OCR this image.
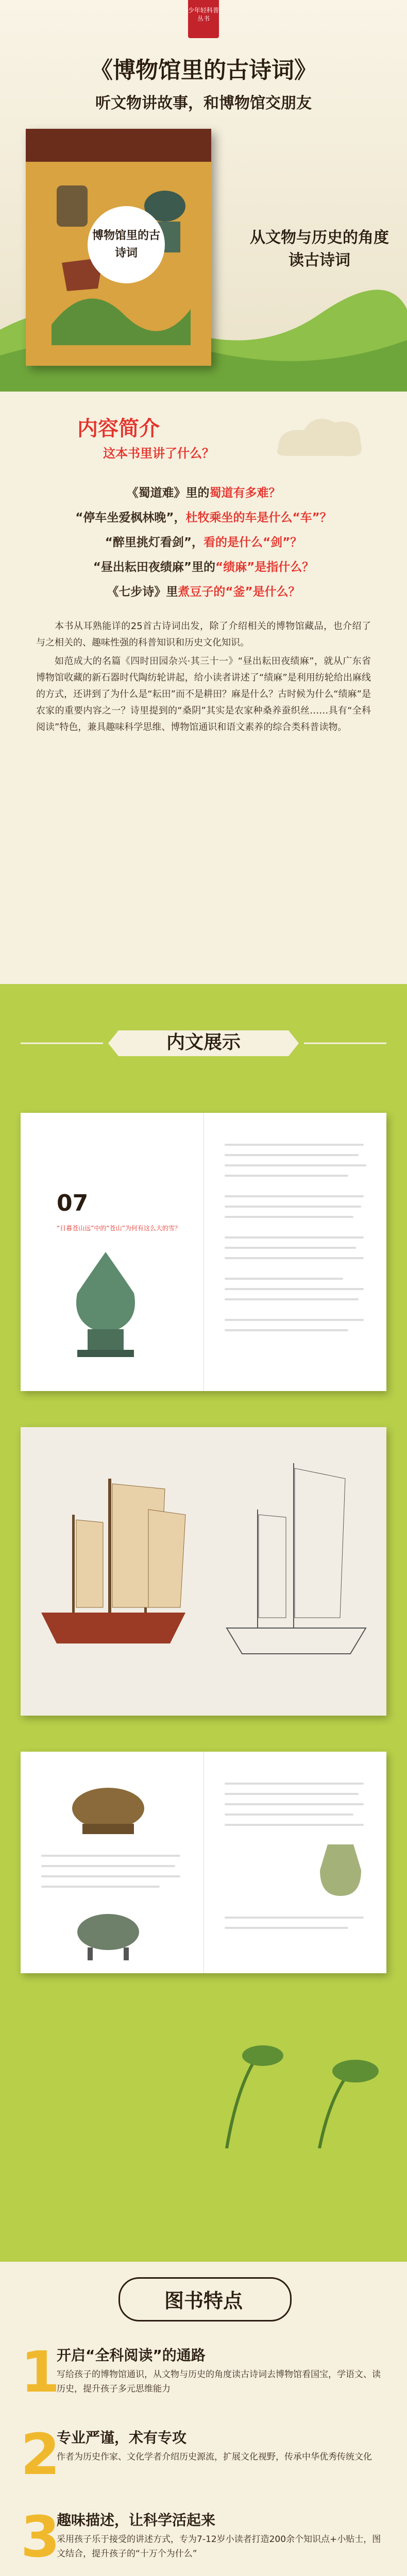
少年轻科普丛书
《博物馆里的古诗词》
听文物讲故事，和博物馆交朋友
博物馆里的古诗词
从文物与历史的角度
读古诗词
内容简介
这本书里讲了什么？
《蜀道难》里的蜀道有多难？
“停车坐爱枫林晚”，杜牧乘坐的车是什么“车”？
“醉里挑灯看剑”，看的是什么“剑”？
“昼出耘田夜绩麻”里的“绩麻”是指什么？
《七步诗》里煮豆子的“釜”是什么？

本书从耳熟能详的25首古诗词出发，除了介绍相关的博物馆藏品，也介绍了与之相关的、趣味性强的科普知识和历史文化知识。

如范成大的名篇《四时田园杂兴·其三十一》“昼出耘田夜绩麻”，就从广东省博物馆收藏的新石器时代陶纺轮讲起，给小读者讲述了“绩麻”是利用纺轮给出麻线的方式，还讲到了为什么是“耘田”而不是耕田？麻是什么？古时候为什么“绩麻”是农家的重要内容之一？诗里提到的“桑阴”其实是农家种桑养蚕织丝……具有“全科阅读”特色，兼具趣味科学思维、博物馆通识和语文素养的综合类科普读物。

内文展示
07
“日暮苍山远”中的“苍山”为何有这么大的雪？
图书特点
1
开启“全科阅读”的通路
写给孩子的博物馆通识，从文物与历史的角度读古诗词去博物馆看国宝，学语文、读历史，提升孩子多元思维能力
2
专业严谨，术有专攻
作者为历史作家、文化学者介绍历史源流，扩展文化视野，传承中华优秀传统文化
3
趣味描述，让科学活起来
采用孩子乐于接受的讲述方式，专为7-12岁小读者打造200余个知识点+小贴士，图文结合，提升孩子的“十万个为什么”
